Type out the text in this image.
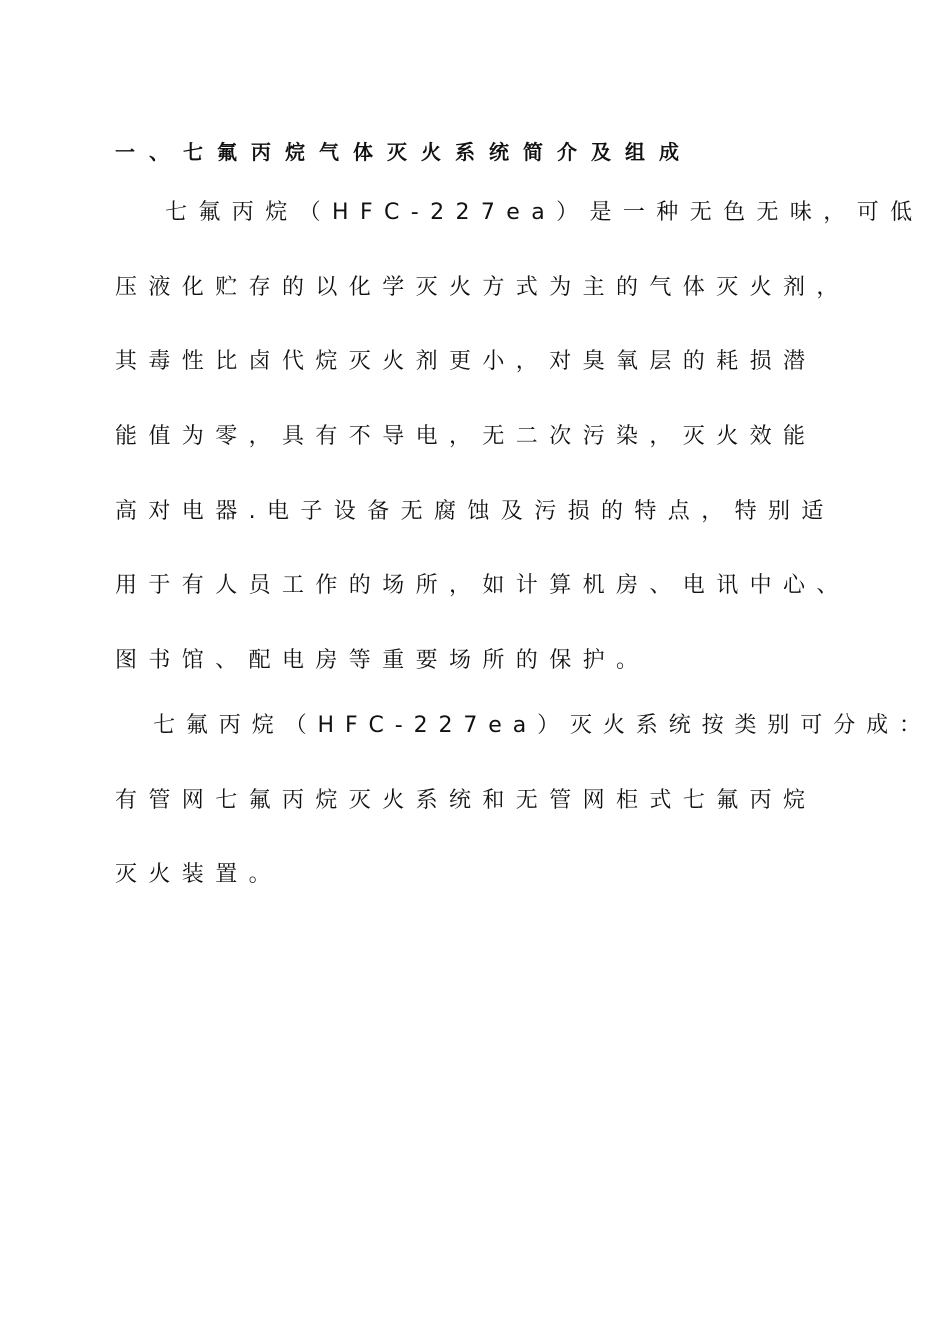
一、七氟丙烷气体灭火系统简介及组成
七氟丙烷（HFC-227ea）是一种无色无味，可低
压液化贮存的以化学灭火方式为主的气体灭火剂，
其毒性比卤代烷灭火剂更小，对臭氧层的耗损潜
能值为零，具有不导电，无二次污染，灭火效能
高对电器.电子设备无腐蚀及污损的特点，特别适
用于有人员工作的场所，如计算机房、电讯中心、
图书馆、配电房等重要场所的保护。
七氟丙烷（HFC-227ea）灭火系统按类别可分成：
有管网七氟丙烷灭火系统和无管网柜式七氟丙烷
灭火装置。
